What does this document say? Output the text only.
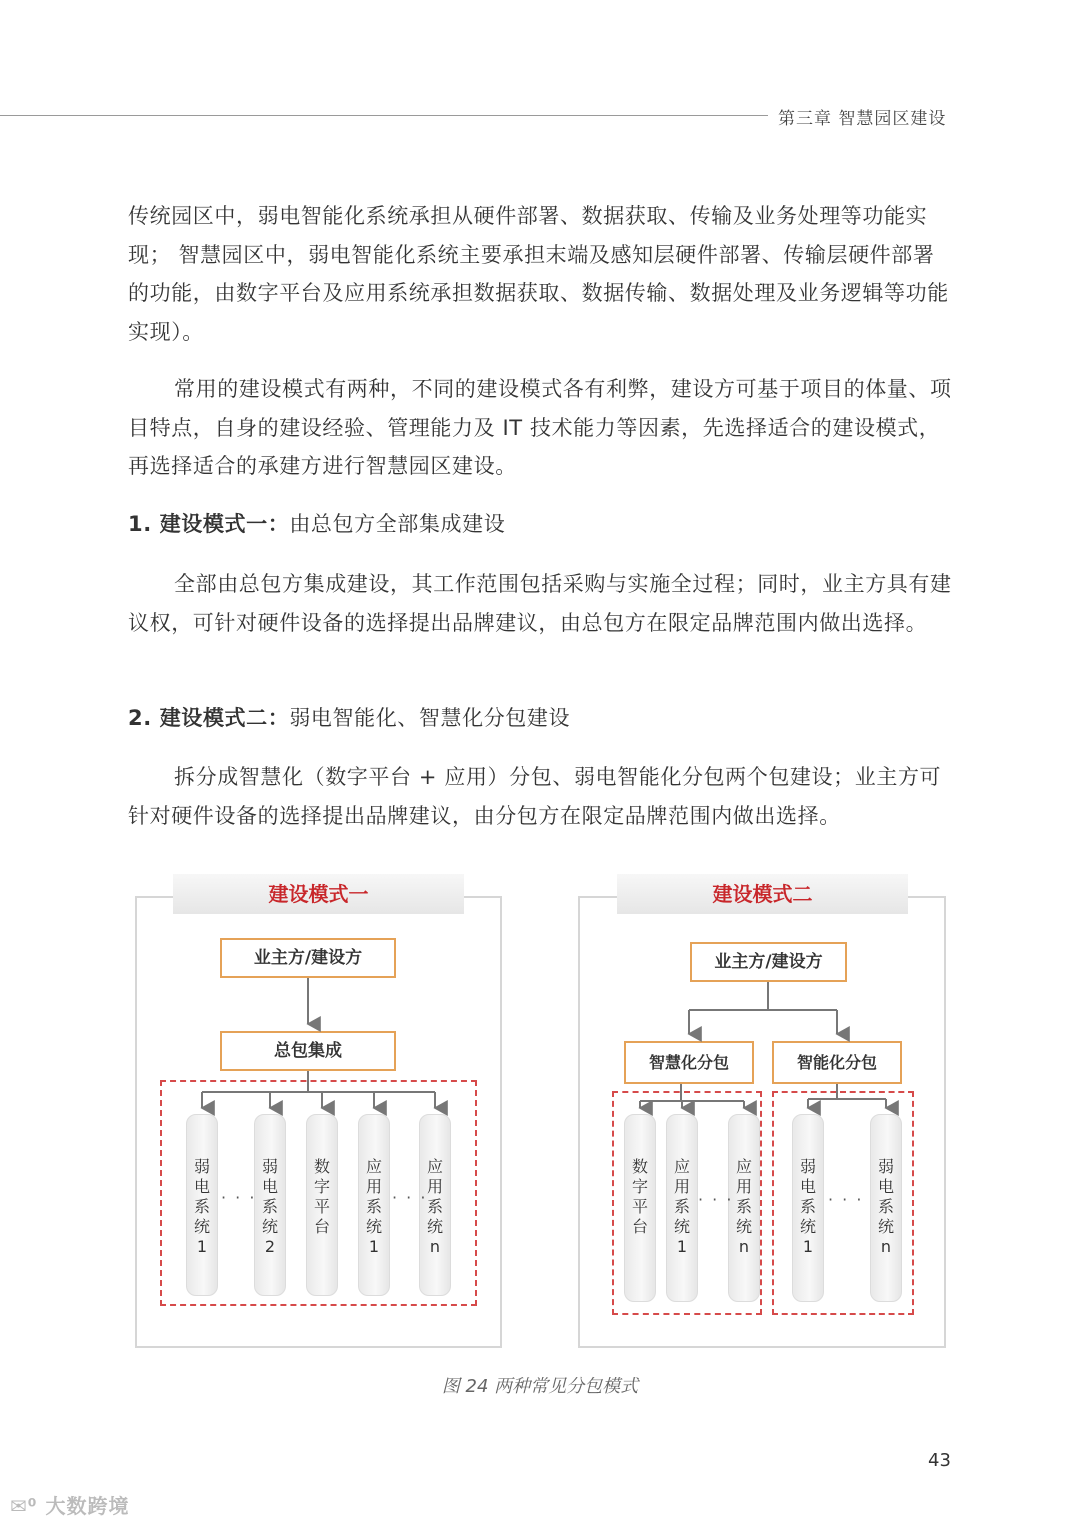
第三章 智慧园区建设

传统园区中，弱电智能化系统承担从硬件部署、数据获取、传输及业务处理等功能实现； 智慧园区中，弱电智能化系统主要承担末端及感知层硬件部署、传输层硬件部署的功能，由数字平台及应用系统承担数据获取、数据传输、数据处理及业务逻辑等功能实现）。

常用的建设模式有两种，不同的建设模式各有利弊，建设方可基于项目的体量、项目特点，自身的建设经验、管理能力及 IT 技术能力等因素，先选择适合的建设模式，再选择适合的承建方进行智慧园区建设。

1. 建设模式一：由总包方全部集成建设

全部由总包方集成建设，其工作范围包括采购与实施全过程；同时，业主方具有建议权，可针对硬件设备的选择提出品牌建议，由总包方在限定品牌范围内做出选择。

2. 建设模式二：弱电智能化、智慧化分包建设

拆分成智慧化（数字平台 + 应用）分包、弱电智能化分包两个包建设；业主方可针对硬件设备的选择提出品牌建议，由分包方在限定品牌范围内做出选择。

建设模式一
业主方/建设方
总包集成
弱电系统1
弱电系统2
数字平台
应用系统1
应用系统n
· · ·	· · ·
建设模式二
业主方/建设方
智慧化分包	智能化分包
数字平台
应用系统1
应用系统n
弱电系统1
弱电系统n
· · ·	· · ·
图 24 两种常见分包模式
43
✉⁰ 大数跨境
